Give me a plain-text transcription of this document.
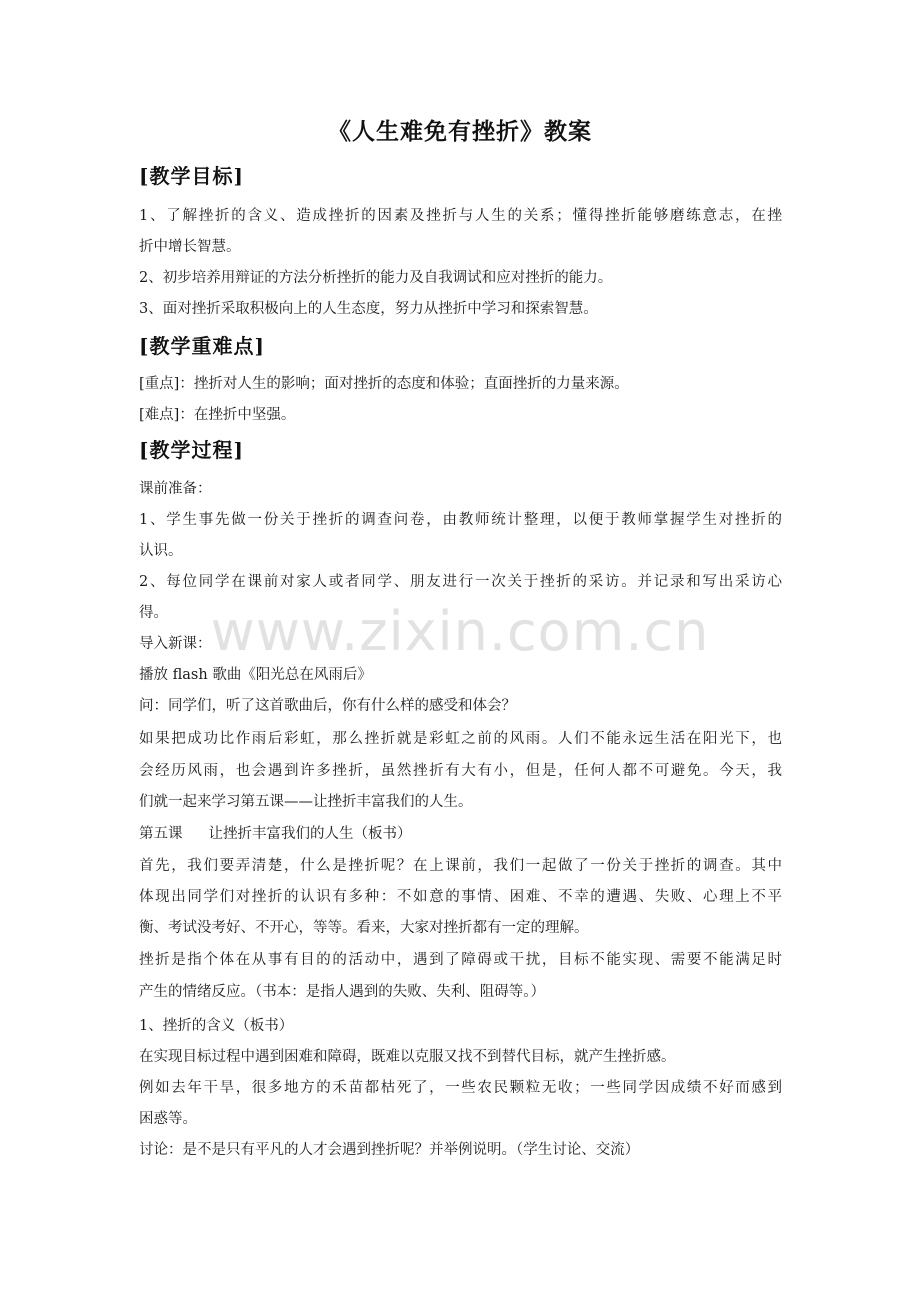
《人生难免有挫折》教案
[教学目标]
1、了解挫折的含义、造成挫折的因素及挫折与人生的关系；懂得挫折能够磨练意志，在挫
折中增长智慧。
2、初步培养用辩证的方法分析挫折的能力及自我调试和应对挫折的能力。
3、面对挫折采取积极向上的人生态度，努力从挫折中学习和探索智慧。
[教学重难点]
[重点]：挫折对人生的影响；面对挫折的态度和体验；直面挫折的力量来源。
[难点]：在挫折中坚强。
[教学过程]
课前准备：
1、学生事先做一份关于挫折的调查问卷，由教师统计整理，以便于教师掌握学生对挫折的
认识。
2、每位同学在课前对家人或者同学、朋友进行一次关于挫折的采访。并记录和写出采访心
得。
导入新课：
播放 flash 歌曲《阳光总在风雨后》
问：同学们，听了这首歌曲后，你有什么样的感受和体会？
如果把成功比作雨后彩虹，那么挫折就是彩虹之前的风雨。人们不能永远生活在阳光下，也
会经历风雨，也会遇到许多挫折，虽然挫折有大有小，但是，任何人都不可避免。今天，我
们就一起来学习第五课——让挫折丰富我们的人生。
第五课 让挫折丰富我们的人生（板书）
首先，我们要弄清楚，什么是挫折呢？在上课前，我们一起做了一份关于挫折的调查。其中
体现出同学们对挫折的认识有多种：不如意的事情、困难、不幸的遭遇、失败、心理上不平
衡、考试没考好、不开心，等等。看来，大家对挫折都有一定的理解。
挫折是指个体在从事有目的的活动中，遇到了障碍或干扰，目标不能实现、需要不能满足时
产生的情绪反应。（书本：是指人遇到的失败、失利、阻碍等。）
1、挫折的含义（板书）
在实现目标过程中遇到困难和障碍，既难以克服又找不到替代目标，就产生挫折感。
例如去年干旱，很多地方的禾苗都枯死了，一些农民颗粒无收；一些同学因成绩不好而感到
困惑等。
讨论：是不是只有平凡的人才会遇到挫折呢？并举例说明。（学生讨论、交流）
www.zixin.com.cn
